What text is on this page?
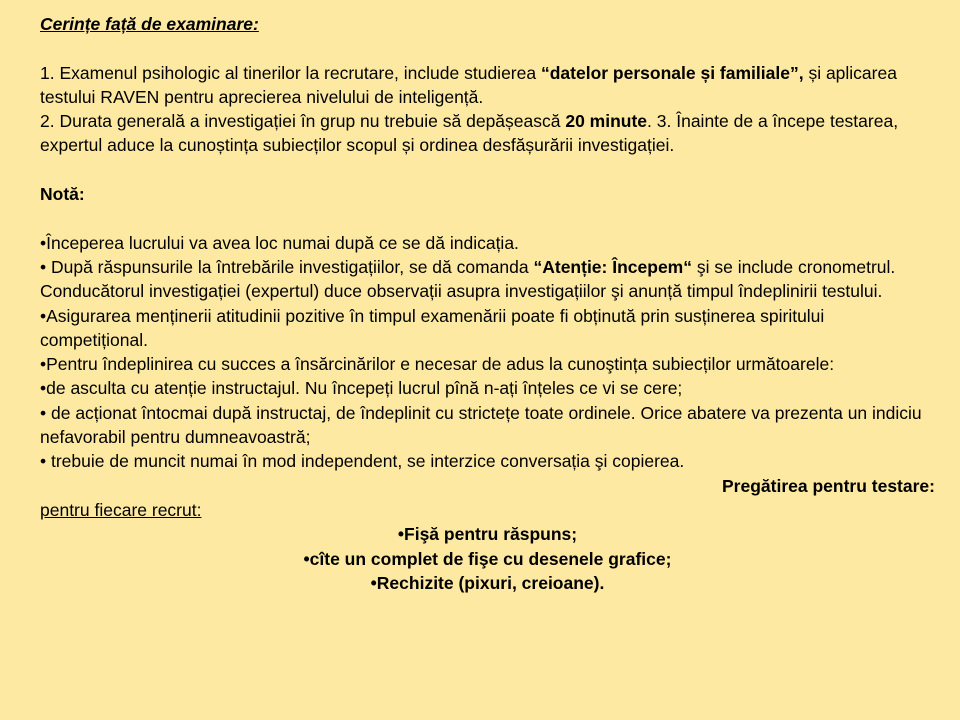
Cerințe față de examinare:

1. Examenul psihologic al tinerilor la recrutare, include studierea “datelor personale și familiale”, și aplicarea testului RAVEN pentru aprecierea nivelului de inteligență.

2. Durata generală a investigației în grup nu trebuie să depășească 20 minute. 3. Înainte de a începe testarea, expertul aduce la cunoștința subiecților scopul și ordinea desfășurării investigației.

Notă:

•Începerea lucrului va avea loc numai după ce se dă indicația.

• După răspunsurile la întrebările investigațiilor, se dă comanda “Atenție: Începem“ şi se include cronometrul. Conducătorul investigației (expertul) duce observații asupra investigațiilor şi anunță timpul îndeplinirii testului.

•Asigurarea menținerii atitudinii pozitive în timpul examenării poate fi obținută prin susținerea spiritului competițional.

•Pentru îndeplinirea cu succes a însărcinărilor e necesar de adus la cunoştința subiecților următoarele:

•de asculta cu atenție instructajul. Nu începeți lucrul pînă n-ați înțeles ce vi se cere;

• de acționat întocmai după instructaj, de îndeplinit cu strictețe toate ordinele. Orice abatere va prezenta un indiciu nefavorabil pentru dumneavoastră;

• trebuie de muncit numai în mod independent, se interzice conversația şi copierea.

Pregătirea pentru testare:

pentru fiecare recrut:

•Fişă pentru răspuns;

•cîte un complet de fişe cu desenele grafice;

•Rechizite (pixuri, creioane).
